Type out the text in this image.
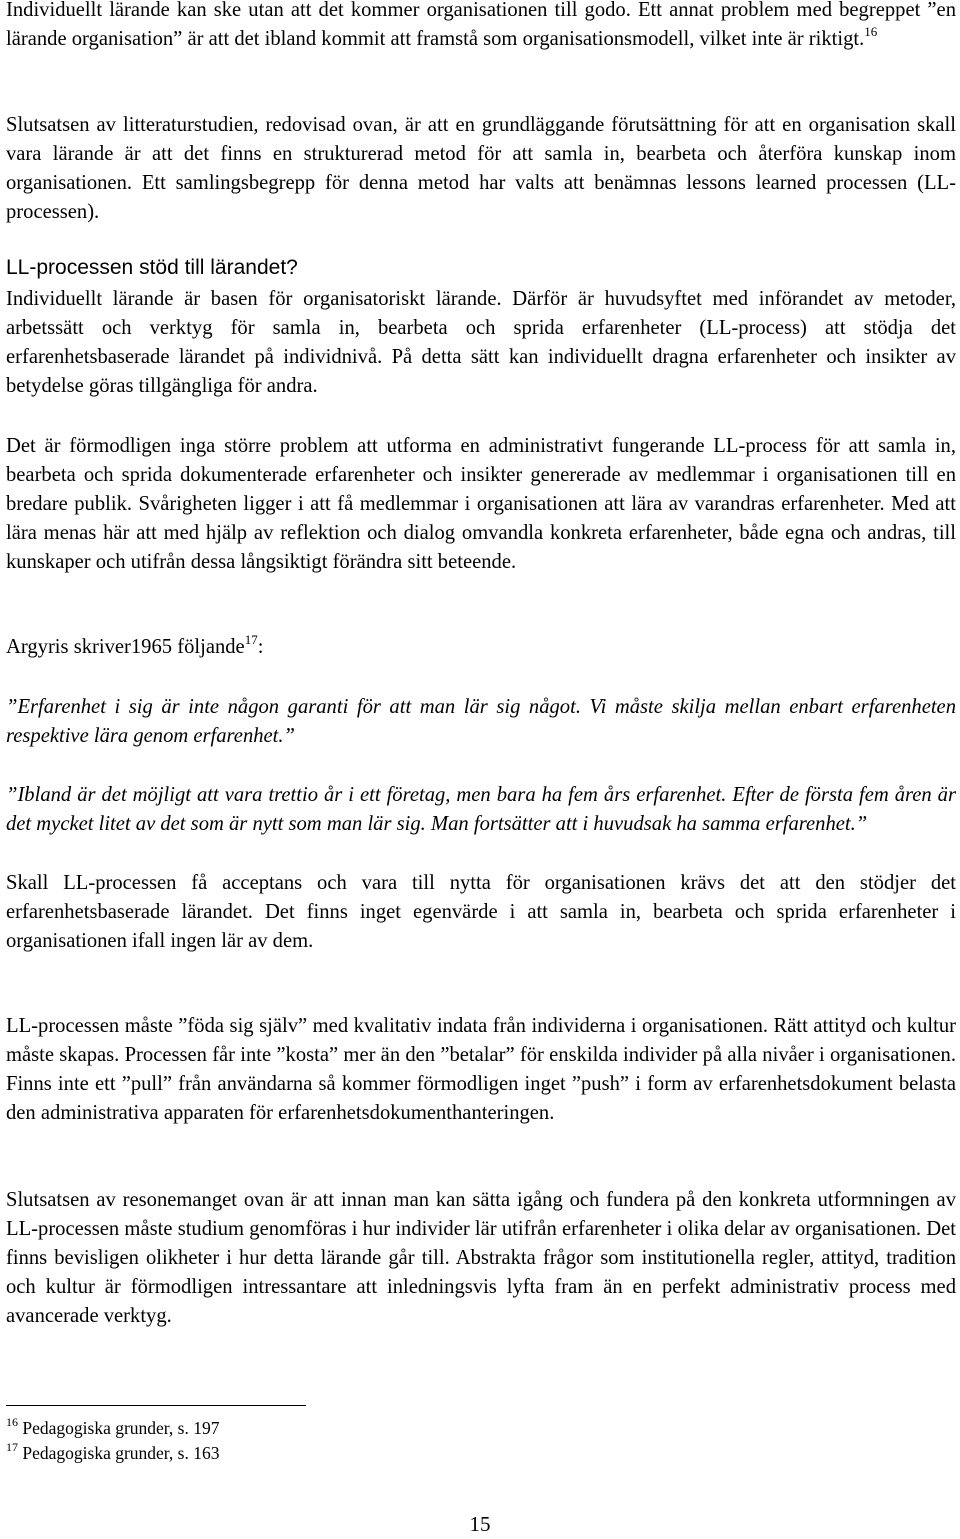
Individuellt lärande kan ske utan att det kommer organisationen till godo. Ett annat problem med begreppet ”en lärande organisation” är att det ibland kommit att framstå som organisationsmodell, vilket inte är riktigt.$^{16}$

Slutsatsen av litteraturstudien, redovisad ovan, är att en grundläggande förutsättning för att en organisation skall vara lärande är att det finns en strukturerad metod för att samla in, bearbeta och återföra kunskap inom organisationen. Ett samlingsbegrepp för denna metod har valts att benämnas lessons learned processen (LL-processen).

LL-processen stöd till lärandet?

Individuellt lärande är basen för organisatoriskt lärande. Därför är huvudsyftet med införandet av metoder, arbetssätt och verktyg för samla in, bearbeta och sprida erfarenheter (LL-process) att stödja det erfarenhetsbaserade lärandet på individnivå. På detta sätt kan individuellt dragna erfarenheter och insikter av betydelse göras tillgängliga för andra.

Det är förmodligen inga större problem att utforma en administrativt fungerande LL-process för att samla in, bearbeta och sprida dokumenterade erfarenheter och insikter genererade av medlemmar i organisationen till en bredare publik. Svårigheten ligger i att få medlemmar i organisationen att lära av varandras erfarenheter. Med att lära menas här att med hjälp av reflektion och dialog omvandla konkreta erfarenheter, både egna och andras, till kunskaper och utifrån dessa långsiktigt förändra sitt beteende.

Argyris skriver1965 följande$^{17}$:

”Erfarenhet i sig är inte någon garanti för att man lär sig något. Vi måste skilja mellan enbart erfarenheten respektive lära genom erfarenhet.”

”Ibland är det möjligt att vara trettio år i ett företag, men bara ha fem års erfarenhet. Efter de första fem åren är det mycket litet av det som är nytt som man lär sig. Man fortsätter att i huvudsak ha samma erfarenhet.”

Skall LL-processen få acceptans och vara till nytta för organisationen krävs det att den stödjer det erfarenhetsbaserade lärandet. Det finns inget egenvärde i att samla in, bearbeta och sprida erfarenheter i organisationen ifall ingen lär av dem.

LL-processen måste ”föda sig själv” med kvalitativ indata från individerna i organisationen. Rätt attityd och kultur måste skapas. Processen får inte ”kosta” mer än den ”betalar” för enskilda individer på alla nivåer i organisationen. Finns inte ett ”pull” från användarna så kommer förmodligen inget ”push” i form av erfarenhetsdokument belasta den administrativa apparaten för erfarenhetsdokumenthanteringen.

Slutsatsen av resonemanget ovan är att innan man kan sätta igång och fundera på den konkreta utformningen av LL-processen måste studium genomföras i hur individer lär utifrån erfarenheter i olika delar av organisationen. Det finns bevisligen olikheter i hur detta lärande går till. Abstrakta frågor som institutionella regler, attityd, tradition och kultur är förmodligen intressantare att inledningsvis lyfta fram än en perfekt administrativ process med avancerade verktyg.

$^{16}$ Pedagogiska grunder, s. 197

$^{17}$ Pedagogiska grunder, s. 163

15
